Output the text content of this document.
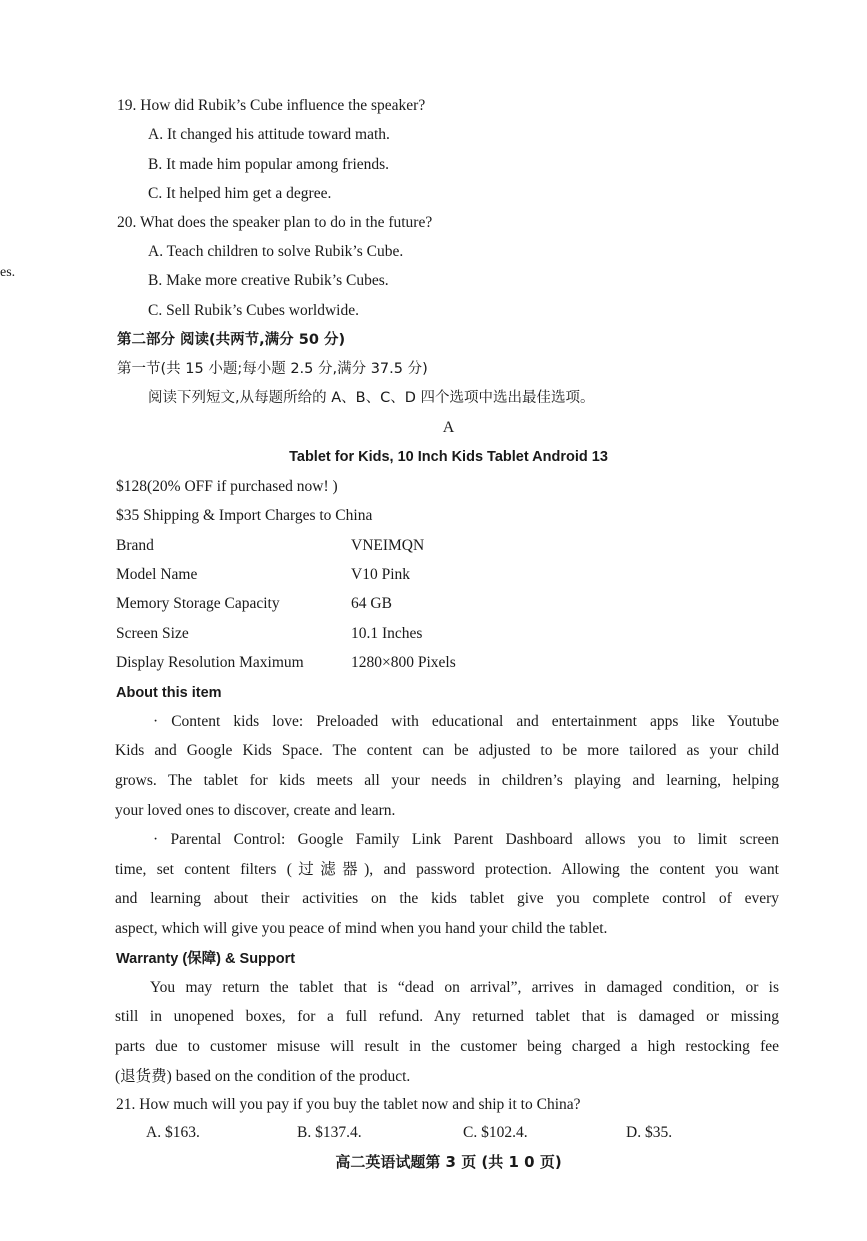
es.
19. How did Rubik’s Cube influence the speaker?
A. It changed his attitude toward math.
B. It made him popular among friends.
C. It helped him get a degree.
20. What does the speaker plan to do in the future?
A. Teach children to solve Rubik’s Cube.
B. Make more creative Rubik’s Cubes.
C. Sell Rubik’s Cubes worldwide.
第二部分 阅读(共两节,满分 50 分)
第一节(共 15 小题;每小题 2.5 分,满分 37.5 分)
阅读下列短文,从每题所给的 A、B、C、D 四个选项中选出最佳选项。
A
Tablet for Kids, 10 Inch Kids Tablet Android 13
$128(20% OFF if purchased now! )
$35 Shipping & Import Charges to China
Brand	VNEIMQN
Model Name	V10 Pink
Memory Storage Capacity	64 GB
Screen Size	10.1 Inches
Display Resolution Maximum	1280×800 Pixels
About this item
· Content kids love: Preloaded with educational and entertainment apps like Youtube
Kids and Google Kids Space. The content can be adjusted to be more tailored as your child
grows. The tablet for kids meets all your needs in children’s playing and learning, helping
your loved ones to discover, create and learn.
· Parental Control: Google Family Link Parent Dashboard allows you to limit screen
time, set content filters (过滤器), and password protection. Allowing the content you want
and learning about their activities on the kids tablet give you complete control of every
aspect, which will give you peace of mind when you hand your child the tablet.
Warranty (保障) & Support
You may return the tablet that is “dead on arrival”, arrives in damaged condition, or is
still in unopened boxes, for a full refund. Any returned tablet that is damaged or missing
parts due to customer misuse will result in the customer being charged a high restocking fee
(退货费) based on the condition of the product.
21. How much will you pay if you buy the tablet now and ship it to China?
A. $163.	B. $137.4.	C. $102.4.	D. $35.
高二英语试题第 3 页 (共 1 0 页)
